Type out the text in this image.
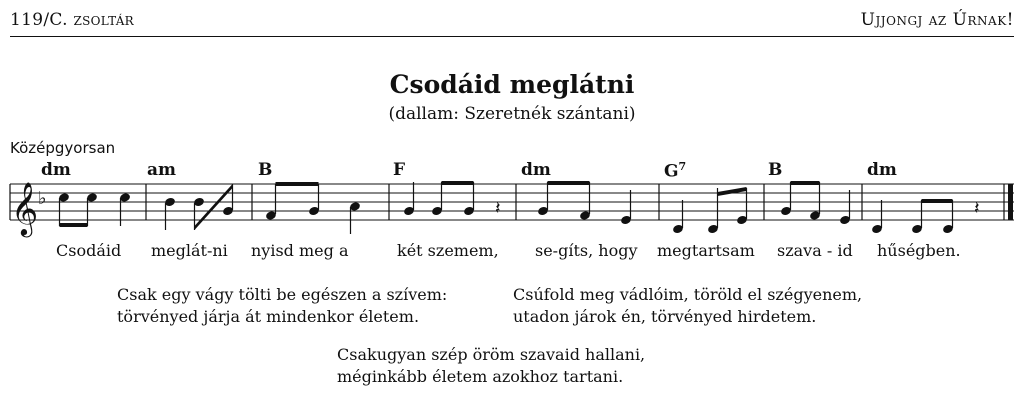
119/C. zsoltár	Ujjongj az Úrnak!
Csodáid meglátni
(dallam: Szeretnék szántani)
Középgyorsan
dm	am	B	F	dm	$G^7$	B	dm
𝄞 ♭	𝄽	𝄽
Csodáid meglát-ni nyisd meg a	két szemem, se-gíts, hogy megtartsam szava - id hűségben.
Csak egy vágy tölti be egészen a szívem:
törvényed járja át mindenkor életem.
Csúfold meg vádlóim, töröld el szégyenem,
utadon járok én, törvényed hirdetem.
Csakugyan szép öröm szavaid hallani,
méginkább életem azokhoz tartani.
